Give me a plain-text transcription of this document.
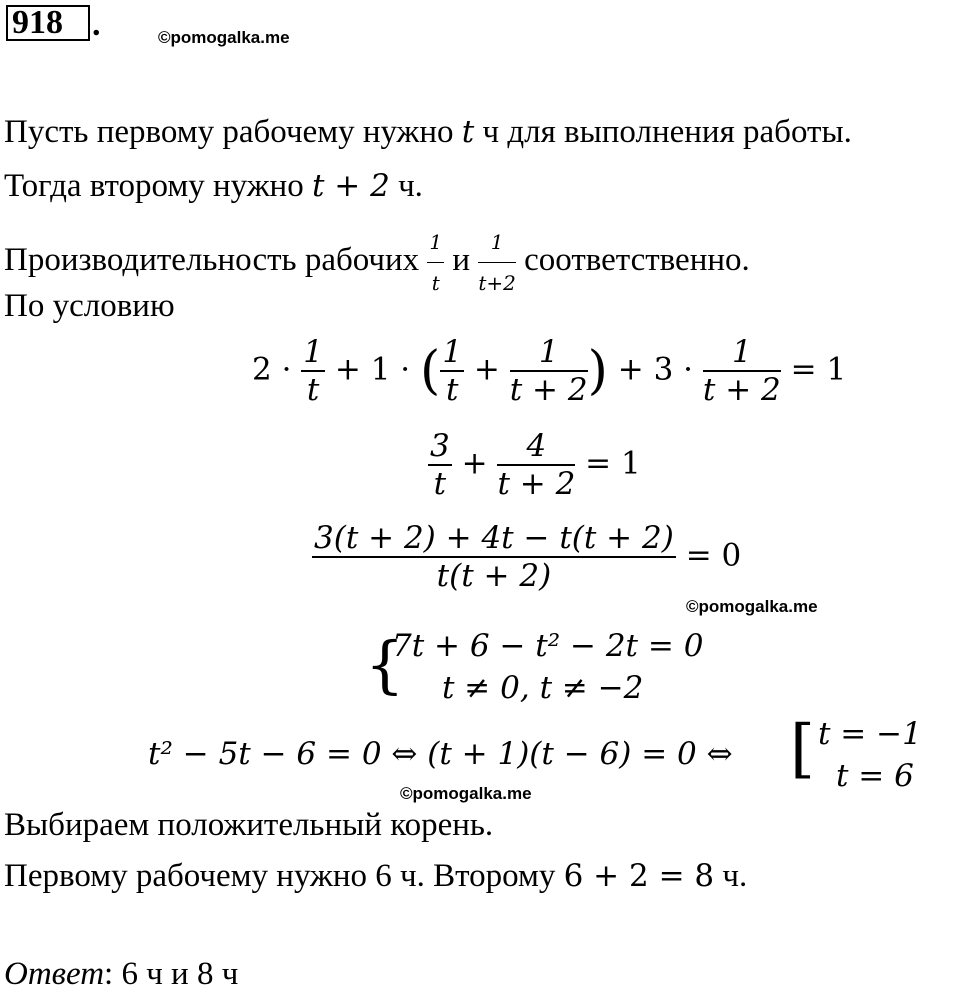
918 .	©pomogalka.me
Пусть первому рабочему нужно t ч для выполнения работы.
Тогда второму нужно t + 2 ч.
Производительность рабочих $\frac{1}{t}$ и $\frac{1}{t+2}$ соответственно.
По условию
$2 \cdot \frac{1}{t} + 1$ · ( $\frac{1}{t} + \frac{1}{t + 2}$ ) + $3 \cdot \frac{1}{t + 2} = 1$
$\frac{3}{t} + \frac{4}{t + 2} = 1$
$\frac{3(t + 2) + 4t - t(t + 2)}{t(t + 2)} = 0$
©pomogalka.me
{
7t + 6 − t² − 2t = 0
t ≠ 0, t ≠ −2
t² − 5t − 6 = 0 ⇔ (t + 1)(t − 6) = 0 ⇔ [ t = −1
t = 6
©pomogalka.me
Выбираем положительный корень.
Первому рабочему нужно 6 ч. Второму 6 + 2 = 8 ч.
Ответ: 6 ч и 8 ч
